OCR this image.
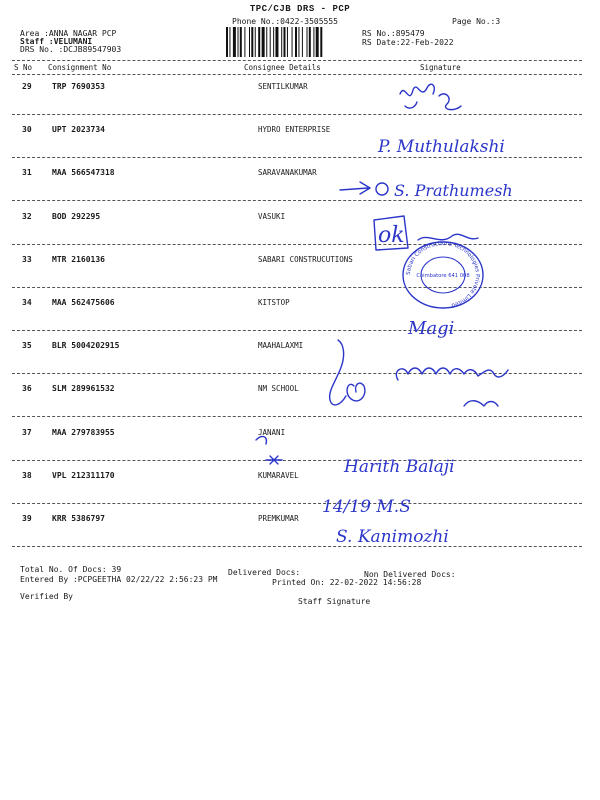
TPC/CJB DRS - PCP
Phone No.:0422-3505555	Page No.:3
Area :ANNA NAGAR PCP
Staff :VELUMANI
DRS No. :DCJB89547903
RS No.:895479
RS Date:22-Feb-2022
S No Consignment No	Consignee Details	Signature
29	TRP 7690353	SENTILKUMAR
30	UPT 2023734	HYDRO ENTERPRISE
31	MAA 566547318	SARAVANAKUMAR
32	BOD 292295	VASUKI
33	MTR 2160136	SABARI CONSTRUCUTIONS
34	MAA 562475606	KITSTOP
35	BLR 5004202915	MAAHALAXMI
36	SLM 289961532	NM SCHOOL
37	MAA 279783955	JANANI
38	VPL 212311170	KUMARAVEL
39	KRR 5386797	PREMKUMAR
P. Muthulakshi
S. Prathumesh
ok
Sabari Constructions Technologies Private Limited
Coimbatore 641 008
Magi
Harith Balaji
14/19 M.S
S. Kanimozhi
Total No. Of Docs: 39	Delivered Docs:	Non Delivered Docs:
Entered By :PCPGEETHA 02/22/22 2:56:23 PM	Printed On: 22-02-2022 14:56:28
Verified By
Staff Signature
